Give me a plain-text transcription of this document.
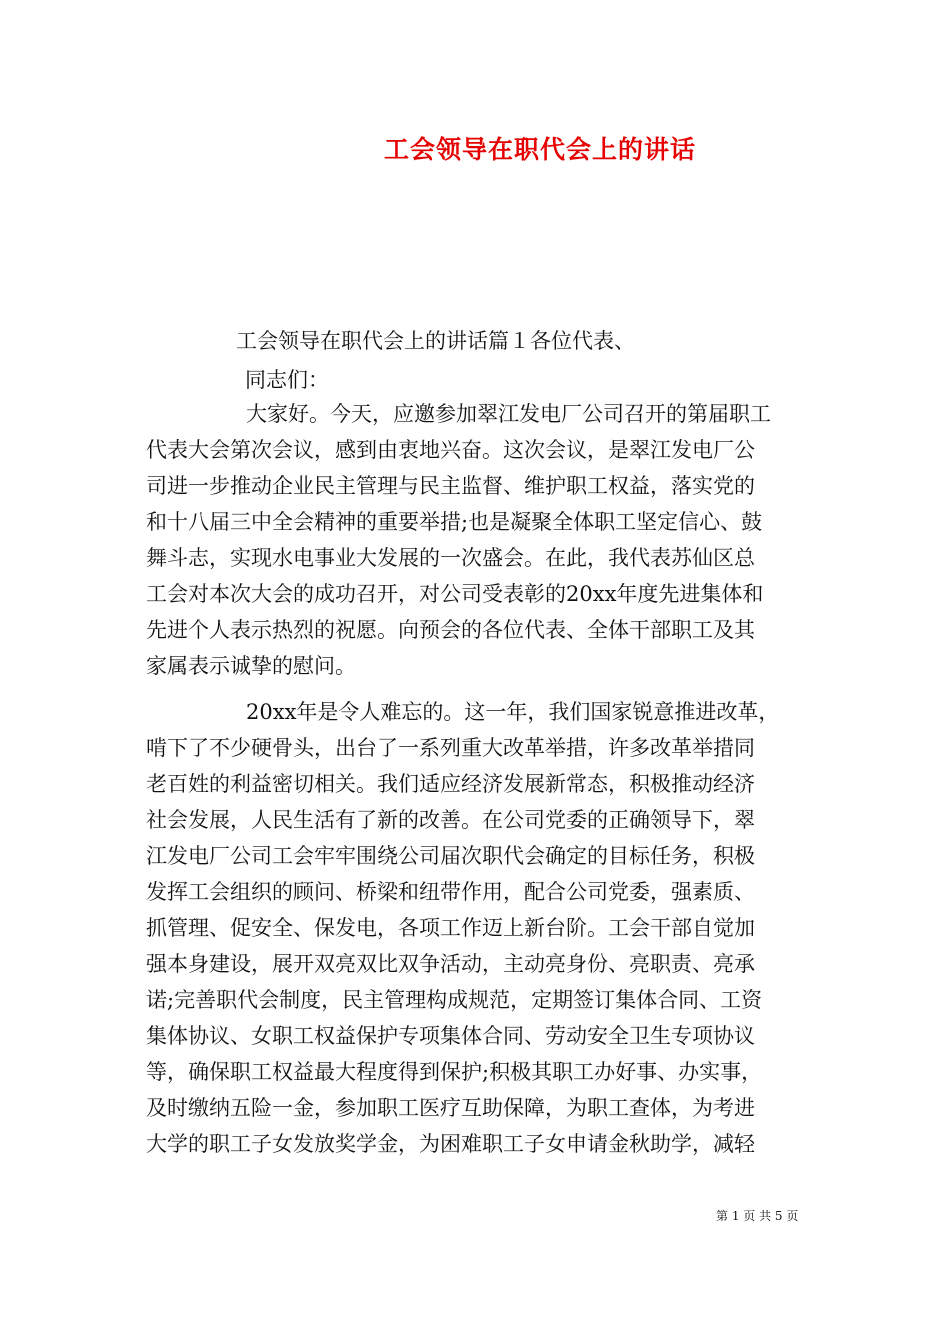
工会领导在职代会上的讲话

工会领导在职代会上的讲话篇１各位代表、

同志们：

大家好。今天，应邀参加翠江发电厂公司召开的第届职工

代表大会第次会议，感到由衷地兴奋。这次会议，是翠江发电厂公

司进一步推动企业民主管理与民主监督、维护职工权益，落实党的

和十八届三中全会精神的重要举措;也是凝聚全体职工坚定信心、鼓

舞斗志，实现水电事业大发展的一次盛会。在此，我代表苏仙区总

工会对本次大会的成功召开，对公司受表彰的20xx年度先进集体和

先进个人表示热烈的祝愿。向预会的各位代表、全体干部职工及其

家属表示诚挚的慰问。

20xx年是令人难忘的。这一年，我们国家锐意推进改革，

啃下了不少硬骨头，出台了一系列重大改革举措，许多改革举措同

老百姓的利益密切相关。我们适应经济发展新常态，积极推动经济

社会发展，人民生活有了新的改善。在公司党委的正确领导下，翠

江发电厂公司工会牢牢围绕公司届次职代会确定的目标任务，积极

发挥工会组织的顾问、桥梁和纽带作用，配合公司党委，强素质、

抓管理、促安全、保发电，各项工作迈上新台阶。工会干部自觉加

强本身建设，展开双亮双比双争活动，主动亮身份、亮职责、亮承

诺;完善职代会制度，民主管理构成规范，定期签订集体合同、工资

集体协议、女职工权益保护专项集体合同、劳动安全卫生专项协议

等，确保职工权益最大程度得到保护;积极其职工办好事、办实事，

及时缴纳五险一金，参加职工医疗互助保障，为职工查体，为考进

大学的职工子女发放奖学金，为困难职工子女申请金秋助学，减轻

第 1 页 共 5 页
